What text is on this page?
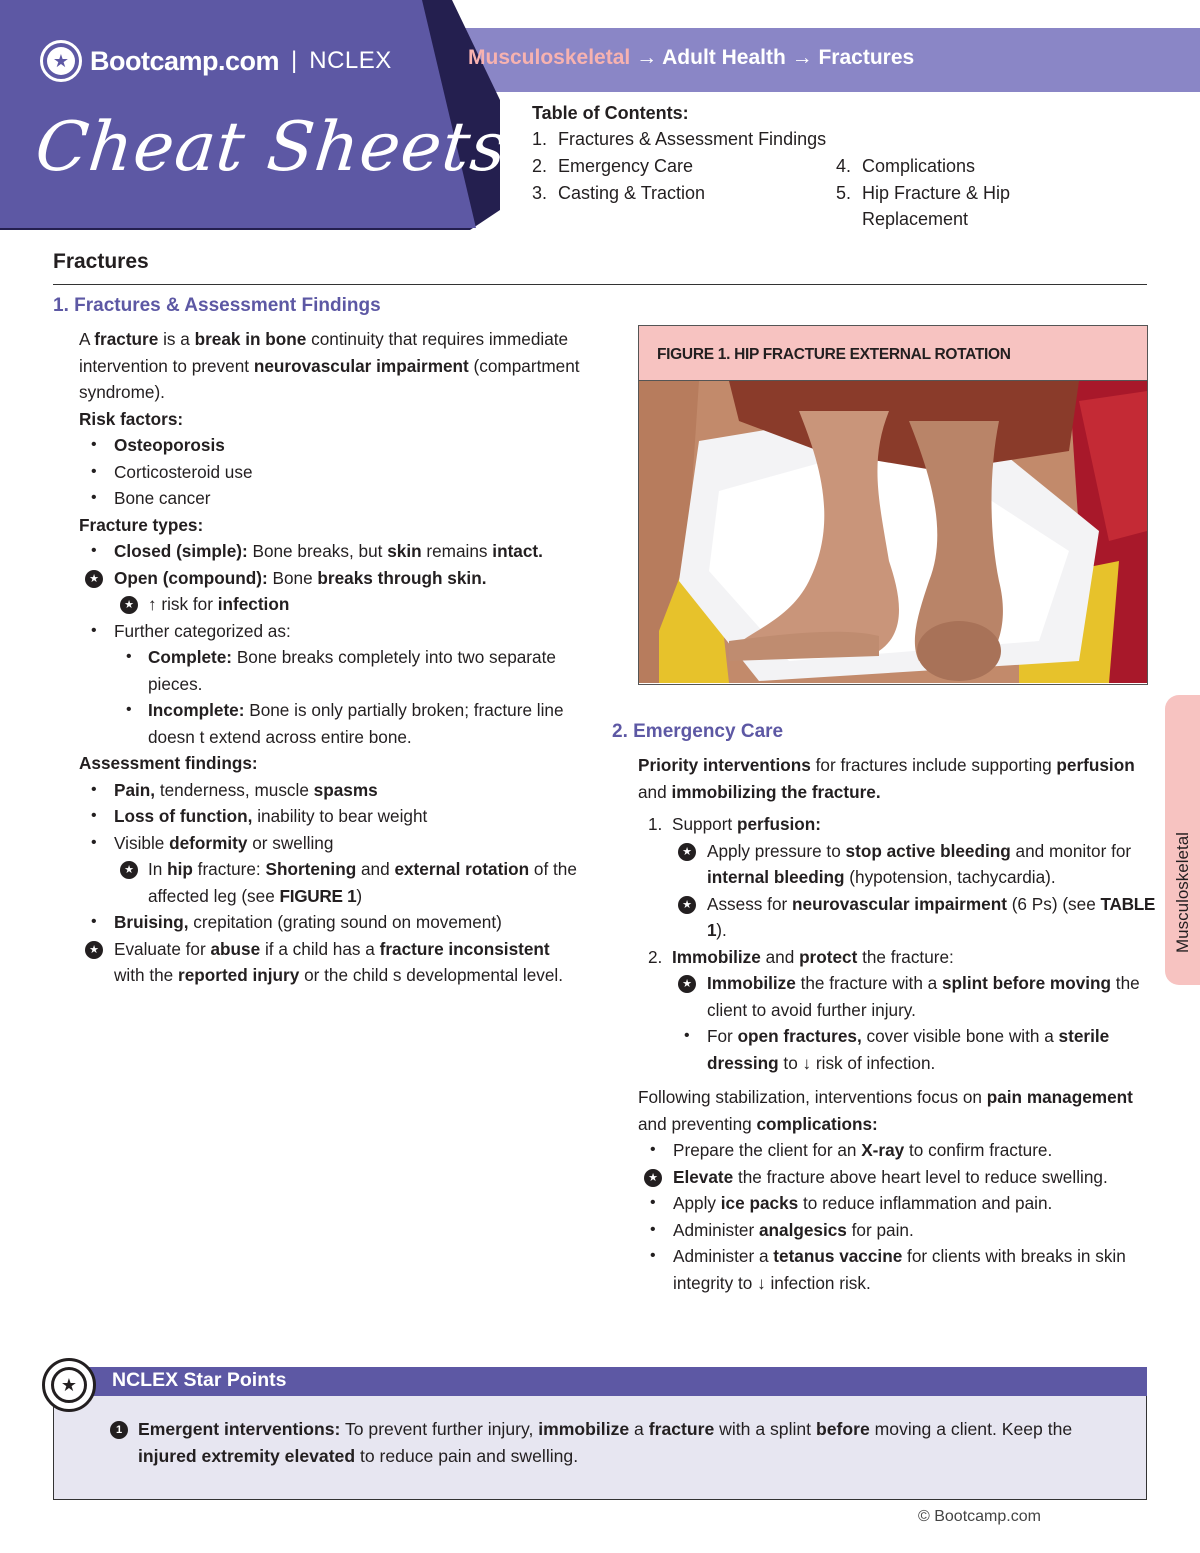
★ Bootcamp.com | NCLEX
Cheat Sheets
Musculoskeletal → Adult Health → Fractures
Table of Contents:
1. Fractures & Assessment Findings
2. Emergency Care
3. Casting & Traction
4. Complications
5. Hip Fracture & Hip Replacement
Fractures
1. Fractures & Assessment Findings

A fracture is a break in bone continuity that requires immediate intervention to prevent neurovascular impairment (compartment syndrome).

Risk factors:

• Osteoporosis
• Corticosteroid use
• Bone cancer

Fracture types:

• Closed (simple): Bone breaks, but skin remains intact.
★ Open (compound): Bone breaks through skin.
★ ↑ risk for infection
• Further categorized as:
• Complete: Bone breaks completely into two separate pieces.
• Incomplete: Bone is only partially broken; fracture line doesn t extend across entire bone.

Assessment findings:

• Pain, tenderness, muscle spasms
• Loss of function, inability to bear weight
• Visible deformity or swelling
★ In hip fracture: Shortening and external rotation of the affected leg (see FIGURE 1)
• Bruising, crepitation (grating sound on movement)
★ Evaluate for abuse if a child has a fracture inconsistent with the reported injury or the child s developmental level.
FIGURE 1. HIP FRACTURE EXTERNAL ROTATION
2. Emergency Care

Priority interventions for fractures include supporting perfusion and immobilizing the fracture.

1. Support perfusion:
★ Apply pressure to stop active bleeding and monitor for internal bleeding (hypotension, tachycardia).
★ Assess for neurovascular impairment (6 Ps) (see TABLE 1).
2. Immobilize and protect the fracture:
★ Immobilize the fracture with a splint before moving the client to avoid further injury.
• For open fractures, cover visible bone with a sterile dressing to ↓ risk of infection.

Following stabilization, interventions focus on pain management and preventing complications:

• Prepare the client for an X-ray to confirm fracture.
★ Elevate the fracture above heart level to reduce swelling.
• Apply ice packs to reduce inflammation and pain.
• Administer analgesics for pain.
• Administer a tetanus vaccine for clients with breaks in skin integrity to ↓ infection risk.
Musculoskeletal
★	NCLEX Star Points
1 Emergent interventions: To prevent further injury, immobilize a fracture with a splint before moving a client. Keep the injured extremity elevated to reduce pain and swelling.
© Bootcamp.com
